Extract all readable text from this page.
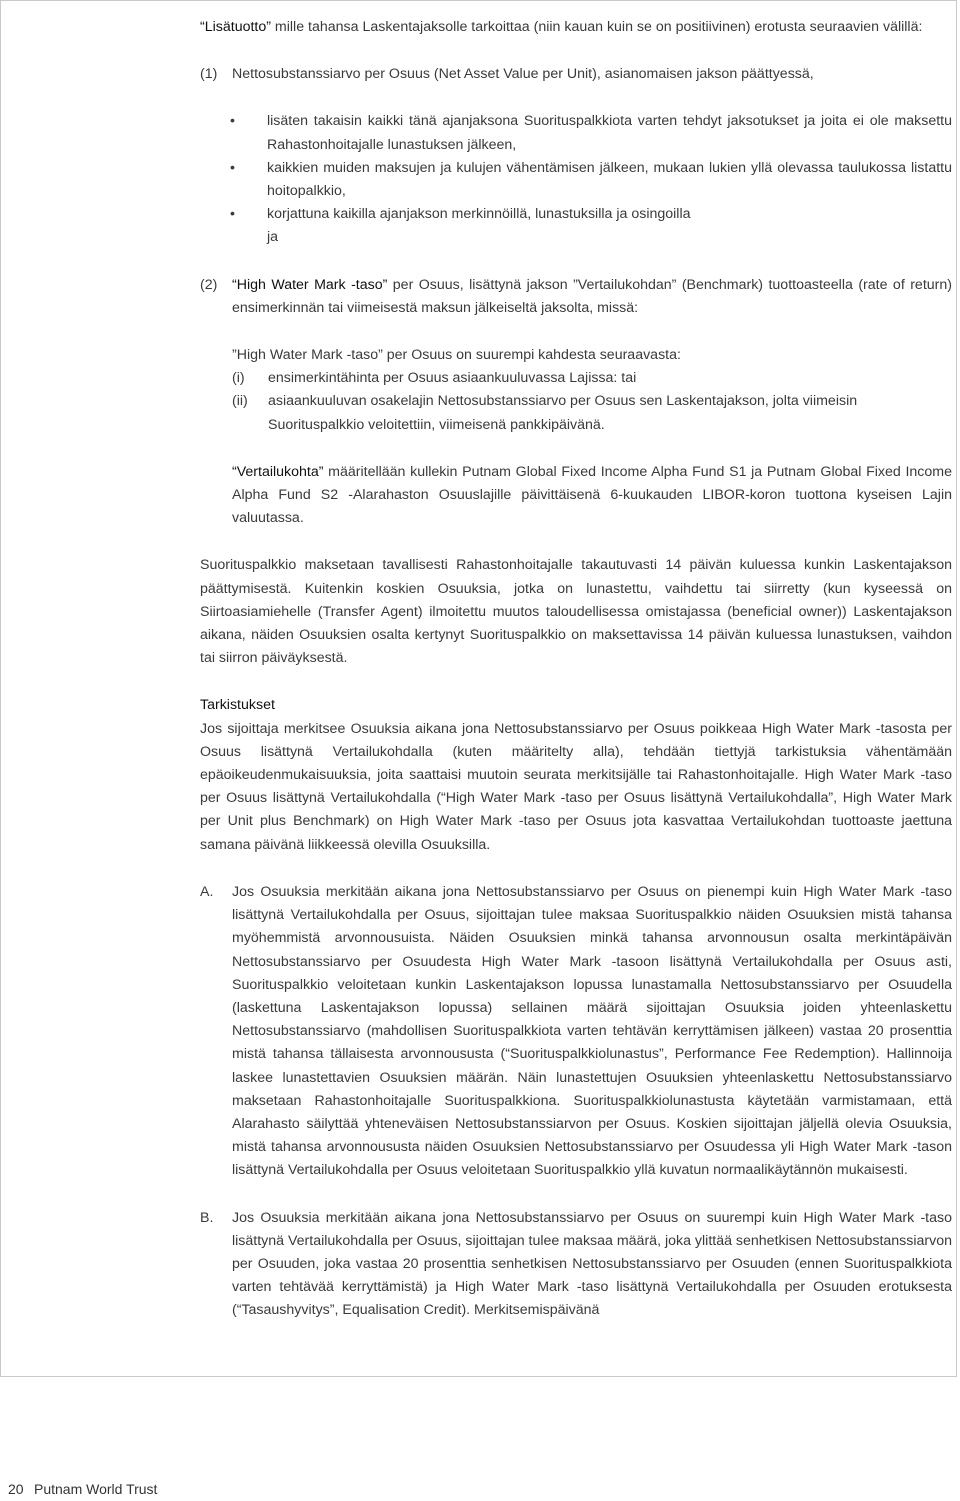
“Lisätuotto” mille tahansa Laskentajaksolle tarkoittaa (niin kauan kuin se on positiivinen) erotusta seuraavien välillä:

(1)	Nettosubstanssiarvo per Osuus (Net Asset Value per Unit), asianomaisen jakson päättyessä,
•	lisäten takaisin kaikki tänä ajanjaksona Suorituspalkkiota varten tehdyt jaksotukset ja joita ei ole maksettu Rahastonhoitajalle lunastuksen jälkeen,
•	kaikkien muiden maksujen ja kulujen vähentämisen jälkeen, mukaan lukien yllä olevassa taulukossa listattu hoitopalkkio,
•	korjattuna kaikilla ajanjakson merkinnöillä, lunastuksilla ja osingoilla

ja

(2)	“High Water Mark -taso” per Osuus, lisättynä jakson ”Vertailukohdan” (Benchmark) tuottoasteella (rate of return) ensimerkinnän tai viimeisestä maksun jälkeiseltä jaksolta, missä:

”High Water Mark -taso” per Osuus on suurempi kahdesta seuraavasta:

(i)	ensimerkintähinta per Osuus asiaankuuluvassa Lajissa: tai
(ii)	asiaankuuluvan osakelajin Nettosubstanssiarvo per Osuus sen Laskentajakson, jolta viimeisin Suorituspalkkio veloitettiin, viimeisenä pankkipäivänä.

“Vertailukohta” määritellään kullekin Putnam Global Fixed Income Alpha Fund S1 ja Putnam Global Fixed Income Alpha Fund S2 -Alarahaston Osuuslajille päivittäisenä 6-kuukauden LIBOR-koron tuottona kyseisen Lajin valuutassa.

Suorituspalkkio maksetaan tavallisesti Rahastonhoitajalle takautuvasti 14 päivän kuluessa kunkin Laskentajakson päättymisestä. Kuitenkin koskien Osuuksia, jotka on lunastettu, vaihdettu tai siirretty (kun kyseessä on Siirtoasiamiehelle (Transfer Agent) ilmoitettu muutos taloudellisessa omistajassa (beneficial owner)) Laskentajakson aikana, näiden Osuuksien osalta kertynyt Suorituspalkkio on maksettavissa 14 päivän kuluessa lunastuksen, vaihdon tai siirron päiväyksestä.

Tarkistukset

Jos sijoittaja merkitsee Osuuksia aikana jona Nettosubstanssiarvo per Osuus poikkeaa High Water Mark -tasosta per Osuus lisättynä Vertailukohdalla (kuten määritelty alla), tehdään tiettyjä tarkistuksia vähentämään epäoikeudenmukaisuuksia, joita saattaisi muutoin seurata merkitsijälle tai Rahastonhoitajalle. High Water Mark -taso per Osuus lisättynä Vertailukohdalla (“High Water Mark -taso per Osuus lisättynä Vertailukohdalla”, High Water Mark per Unit plus Benchmark) on High Water Mark -taso per Osuus jota kasvattaa Vertailukohdan tuottoaste jaettuna samana päivänä liikkeessä olevilla Osuuksilla.

A.	Jos Osuuksia merkitään aikana jona Nettosubstanssiarvo per Osuus on pienempi kuin High Water Mark -taso lisättynä Vertailukohdalla per Osuus, sijoittajan tulee maksaa Suorituspalkkio näiden Osuuksien mistä tahansa myöhemmistä arvonnousuista. Näiden Osuuksien minkä tahansa arvonnousun osalta merkintäpäivän Nettosubstanssiarvo per Osuudesta High Water Mark -tasoon lisättynä Vertailukohdalla per Osuus asti, Suorituspalkkio veloitetaan kunkin Laskentajakson lopussa lunastamalla Nettosubstanssiarvo per Osuudella (laskettuna Laskentajakson lopussa) sellainen määrä sijoittajan Osuuksia joiden yhteenlaskettu Nettosubstanssiarvo (mahdollisen Suorituspalkkiota varten tehtävän kerryttämisen jälkeen) vastaa 20 prosenttia mistä tahansa tällaisesta arvonnoususta (“Suorituspalkkiolunastus”, Performance Fee Redemption). Hallinnoija laskee lunastettavien Osuuksien määrän. Näin lunastettujen Osuuksien yhteenlaskettu Nettosubstanssiarvo maksetaan Rahastonhoitajalle Suorituspalkkiona. Suorituspalkkiolunastusta käytetään varmistamaan, että Alarahasto säilyttää yhteneväisen Nettosubstanssiarvon per Osuus. Koskien sijoittajan jäljellä olevia Osuuksia, mistä tahansa arvonnoususta näiden Osuuksien Nettosubstanssiarvo per Osuudessa yli High Water Mark -tason lisättynä Vertailukohdalla per Osuus veloitetaan Suorituspalkkio yllä kuvatun normaalikäytännön mukaisesti.
B.	Jos Osuuksia merkitään aikana jona Nettosubstanssiarvo per Osuus on suurempi kuin High Water Mark -taso lisättynä Vertailukohdalla per Osuus, sijoittajan tulee maksaa määrä, joka ylittää senhetkisen Nettosubstanssiarvon per Osuuden, joka vastaa 20 prosenttia senhetkisen Nettosubstanssiarvo per Osuuden (ennen Suorituspalkkiota varten tehtävää kerryttämistä) ja High Water Mark -taso lisättynä Vertailukohdalla per Osuuden erotuksesta (“Tasaushyvitys”, Equalisation Credit). Merkitsemispäivänä
20 Putnam World Trust
